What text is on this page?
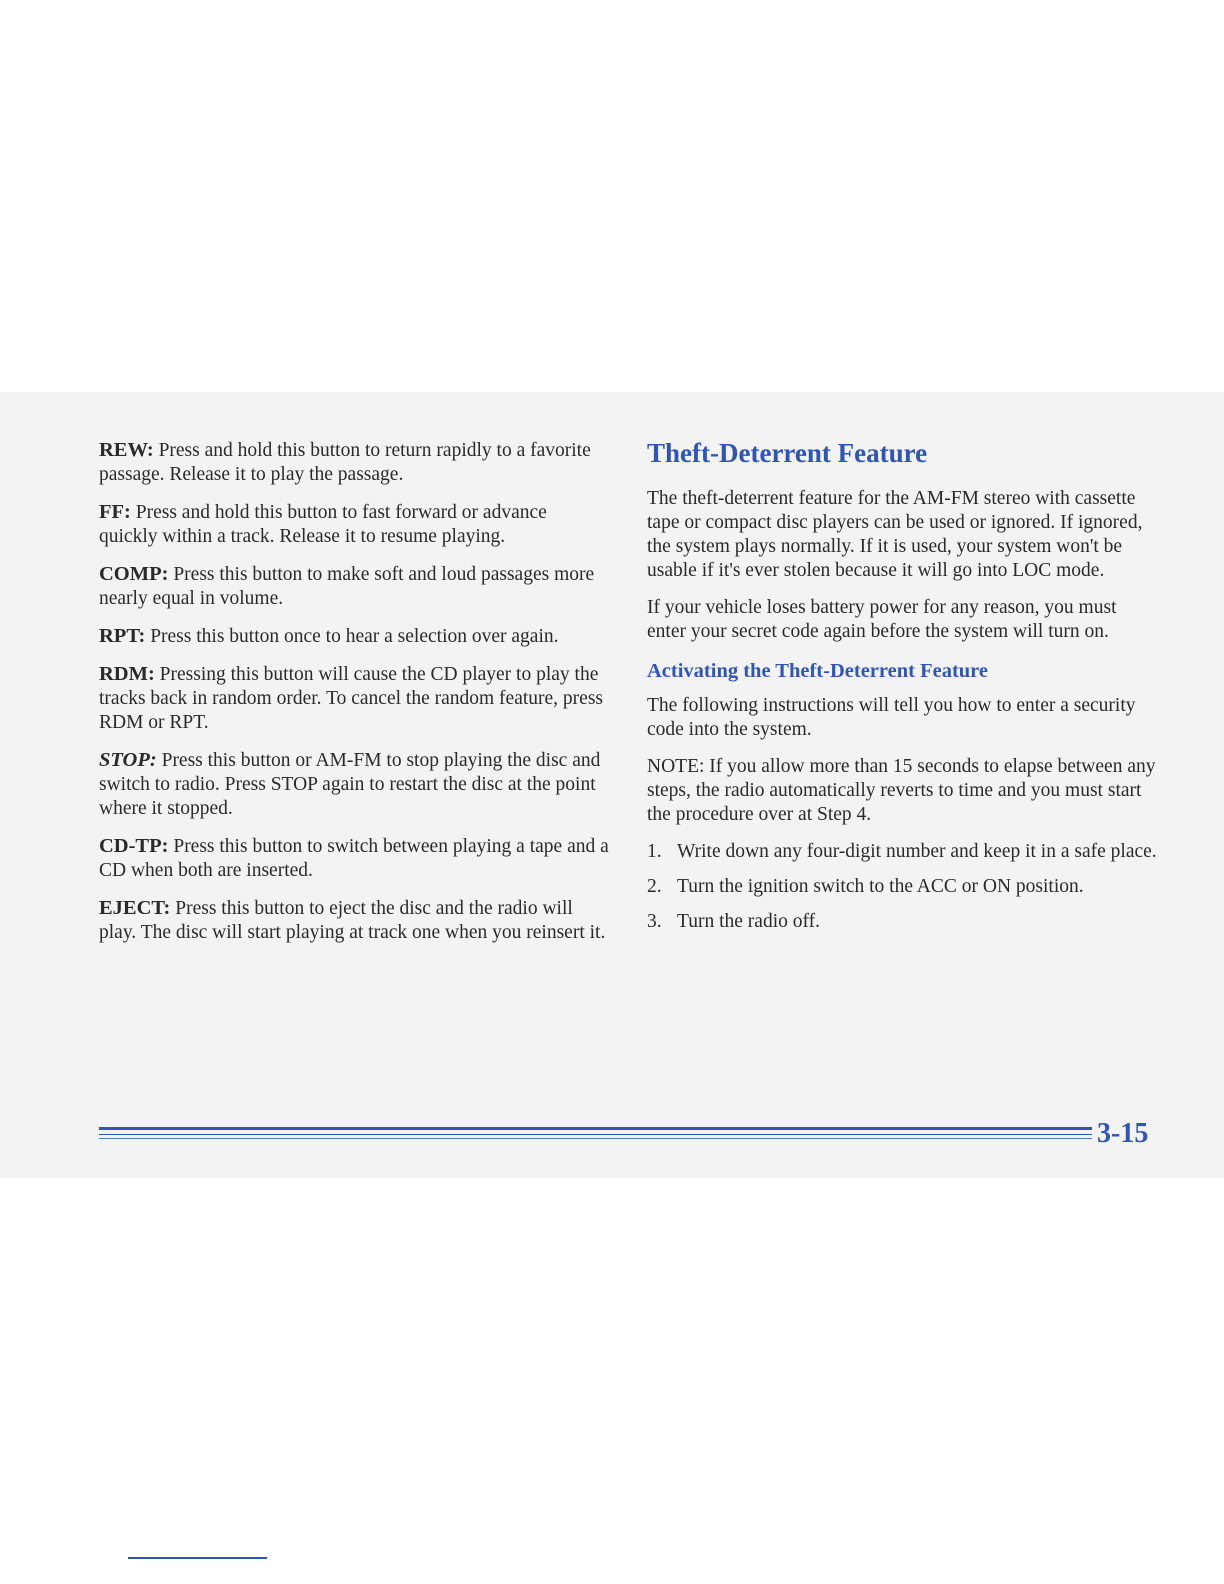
REW: Press and hold this button to return rapidly to a favorite passage. Release it to play the passage.

FF: Press and hold this button to fast forward or advance quickly within a track. Release it to resume playing.

COMP: Press this button to make soft and loud passages more nearly equal in volume.

RPT: Press this button once to hear a selection over again.

RDM: Pressing this button will cause the CD player to play the tracks back in random order. To cancel the random feature, press RDM or RPT.

STOP: Press this button or AM-FM to stop playing the disc and switch to radio. Press STOP again to restart the disc at the point where it stopped.

CD-TP: Press this button to switch between playing a tape and a CD when both are inserted.

EJECT: Press this button to eject the disc and the radio will play. The disc will start playing at track one when you reinsert it.

Theft-Deterrent Feature

The theft-deterrent feature for the AM-FM stereo with cassette tape or compact disc players can be used or ignored. If ignored, the system plays normally. If it is used, your system won't be usable if it's ever stolen because it will go into LOC mode.

If your vehicle loses battery power for any reason, you must enter your secret code again before the system will turn on.

Activating the Theft-Deterrent Feature

The following instructions will tell you how to enter a security code into the system.

NOTE: If you allow more than 15 seconds to elapse between any steps, the radio automatically reverts to time and you must start the procedure over at Step 4.

1. Write down any four-digit number and keep it in a safe place.
2. Turn the ignition switch to the ACC or ON position.
3. Turn the radio off.
3-15
